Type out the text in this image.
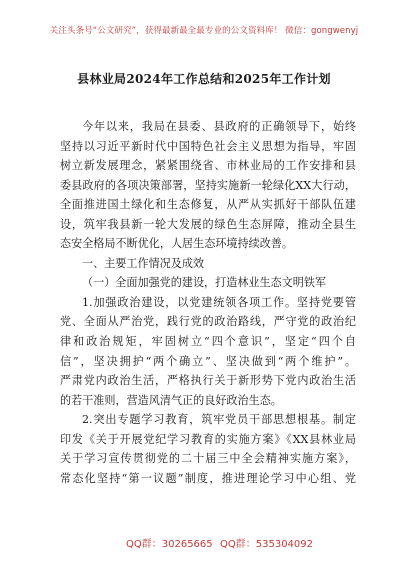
关注头条号“公文研究”，获得最新最全最专业的公文资料库！ 微信：gongwenyj
县林业局2024年工作总结和2025年工作计划
今年以来，我局在县委、县政府的正确领导下，始终
坚持以习近平新时代中国特色社会主义思想为指导，牢固
树立新发展理念，紧紧围绕省、市林业局的工作安排和县
委县政府的各项决策部署，坚持实施新一轮绿化XX大行动，
全面推进国土绿化和生态修复，从严从实抓好干部队伍建
设，筑牢我县新一轮大发展的绿色生态屏障，推动全县生
态安全格局不断优化，人居生态环境持续改善。
一、主要工作情况及成效
（一）全面加强党的建设，打造林业生态文明铁军
1.加强政治建设，以党建统领各项工作。坚持党要管
党、全面从严治党，践行党的政治路线，严守党的政治纪
律和政治规矩，牢固树立“四个意识”，坚定“四个自
信”，坚决拥护“两个确立”、坚决做到“两个维护”。
严肃党内政治生活，严格执行关于新形势下党内政治生活
的若干准则，营造风清气正的良好政治生态。
2.突出专题学习教育，筑牢党员干部思想根基。制定
印发《关于开展党纪学习教育的实施方案》《XX县林业局
关于学习宣传贯彻党的二十届三中全会精神实施方案》，
常态化坚持“第一议题”制度，推进理论学习中心组、党
QQ群：30265665 QQ群：535304092
